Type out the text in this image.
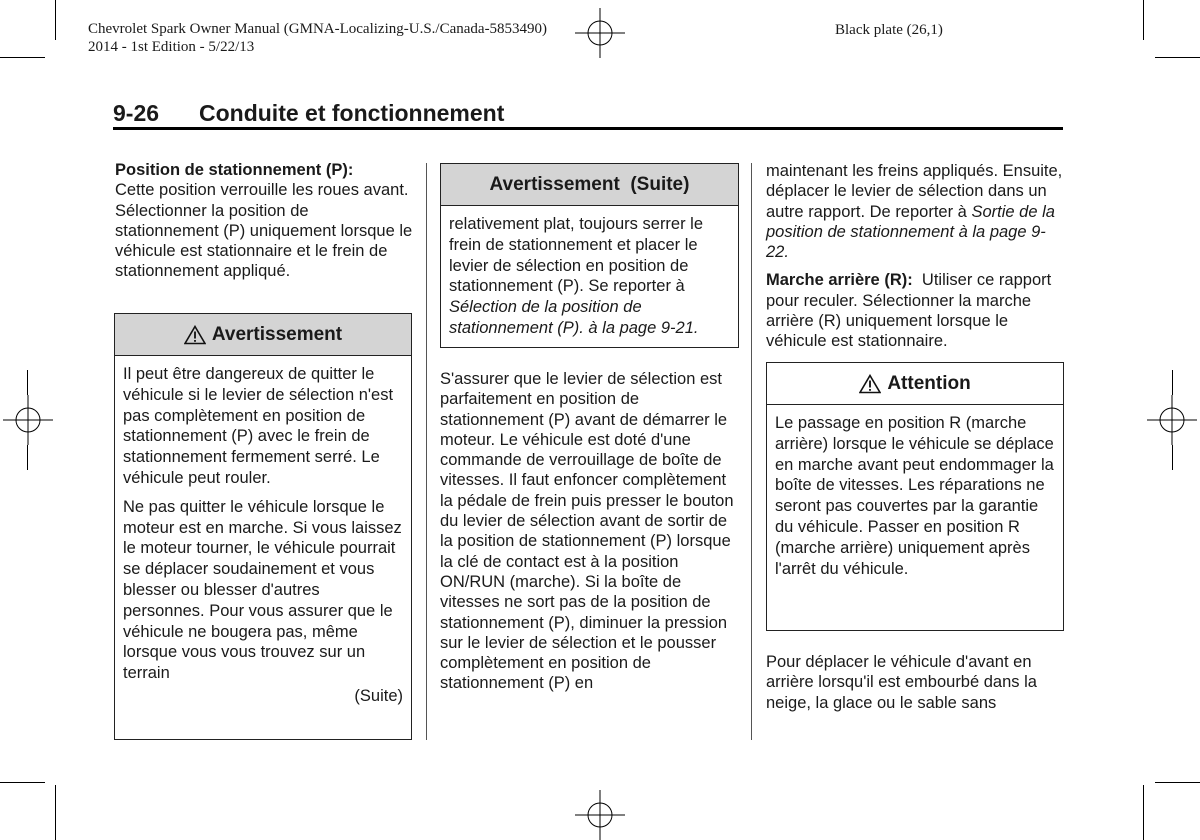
Chevrolet Spark Owner Manual (GMNA-Localizing-U.S./Canada-5853490)
2014 - 1st Edition - 5/22/13
Black plate (26,1)
9-26 Conduite et fonctionnement

Position de stationnement (P):
Cette position verrouille les roues avant. Sélectionner la position de stationnement (P) uniquement lorsque le véhicule est stationnaire et le frein de stationnement appliqué.

Avertissement

Il peut être dangereux de quitter le véhicule si le levier de sélection n'est pas complètement en position de stationnement (P) avec le frein de stationnement fermement serré. Le véhicule peut rouler.

Ne pas quitter le véhicule lorsque le moteur est en marche. Si vous laissez le moteur tourner, le véhicule pourrait se déplacer soudainement et vous blesser ou blesser d'autres personnes. Pour vous assurer que le véhicule ne bougera pas, même lorsque vous vous trouvez sur un terrain

(Suite)
Avertissement  (Suite)
relativement plat, toujours serrer le frein de stationnement et placer le levier de sélection en position de stationnement (P). Se reporter à Sélection de la position de stationnement (P). à la page 9-21.

S'assurer que le levier de sélection est parfaitement en position de stationnement (P) avant de démarrer le moteur. Le véhicule est doté d'une commande de verrouillage de boîte de vitesses. Il faut enfoncer complètement la pédale de frein puis presser le bouton du levier de sélection avant de sortir de la position de stationnement (P) lorsque la clé de contact est à la position ON/RUN (marche). Si la boîte de vitesses ne sort pas de la position de stationnement (P), diminuer la pression sur le levier de sélection et le pousser complètement en position de stationnement (P) en

maintenant les freins appliqués. Ensuite, déplacer le levier de sélection dans un autre rapport. De reporter à Sortie de la position de stationnement à la page 9-22.

Marche arrière (R): Utiliser ce rapport pour reculer. Sélectionner la marche arrière (R) uniquement lorsque le véhicule est stationnaire.

Attention

Le passage en position R (marche arrière) lorsque le véhicule se déplace en marche avant peut endommager la boîte de vitesses. Les réparations ne seront pas couvertes par la garantie du véhicule. Passer en position R (marche arrière) uniquement après l'arrêt du véhicule.

Pour déplacer le véhicule d'avant en arrière lorsqu'il est embourbé dans la neige, la glace ou le sable sans
